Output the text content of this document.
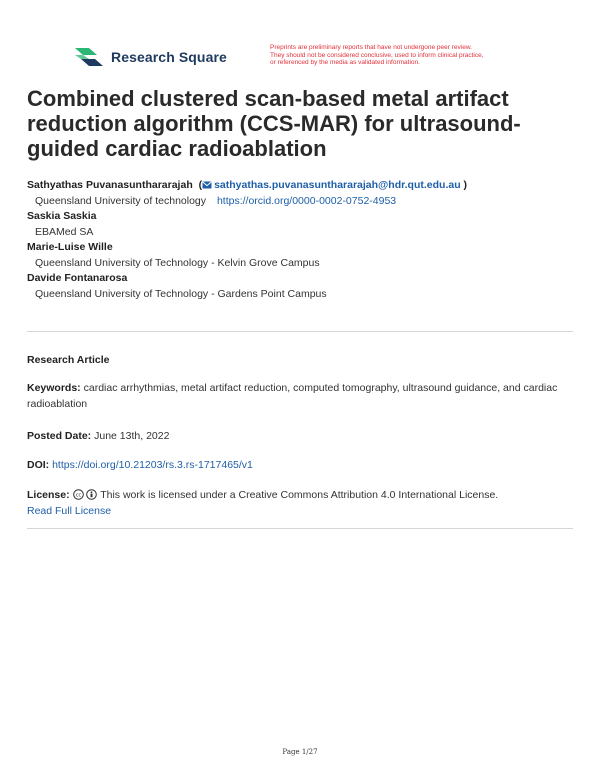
Research Square
Preprints are preliminary reports that have not undergone peer review.
They should not be considered conclusive, used to inform clinical practice,
or referenced by the media as validated information.
Combined clustered scan-based metal artifact reduction algorithm (CCS-MAR) for ultrasound-guided cardiac radioablation
Sathyathas Puvanasunthararajah  ( sathyathas.puvanasunthararajah@hdr.qut.edu.au )
Queensland University of technology https://orcid.org/0000-0002-0752-4953
Saskia Saskia
EBAMed SA
Marie-Luise Wille
Queensland University of Technology - Kelvin Grove Campus
Davide Fontanarosa
Queensland University of Technology - Gardens Point Campus
Research Article
Keywords: cardiac arrhythmias, metal artifact reduction, computed tomography, ultrasound guidance, and cardiac radioablation
Posted Date: June 13th, 2022
DOI: https://doi.org/10.21203/rs.3.rs-1717465/v1
License: cc This work is licensed under a Creative Commons Attribution 4.0 International License.
Read Full License
Page 1/27
